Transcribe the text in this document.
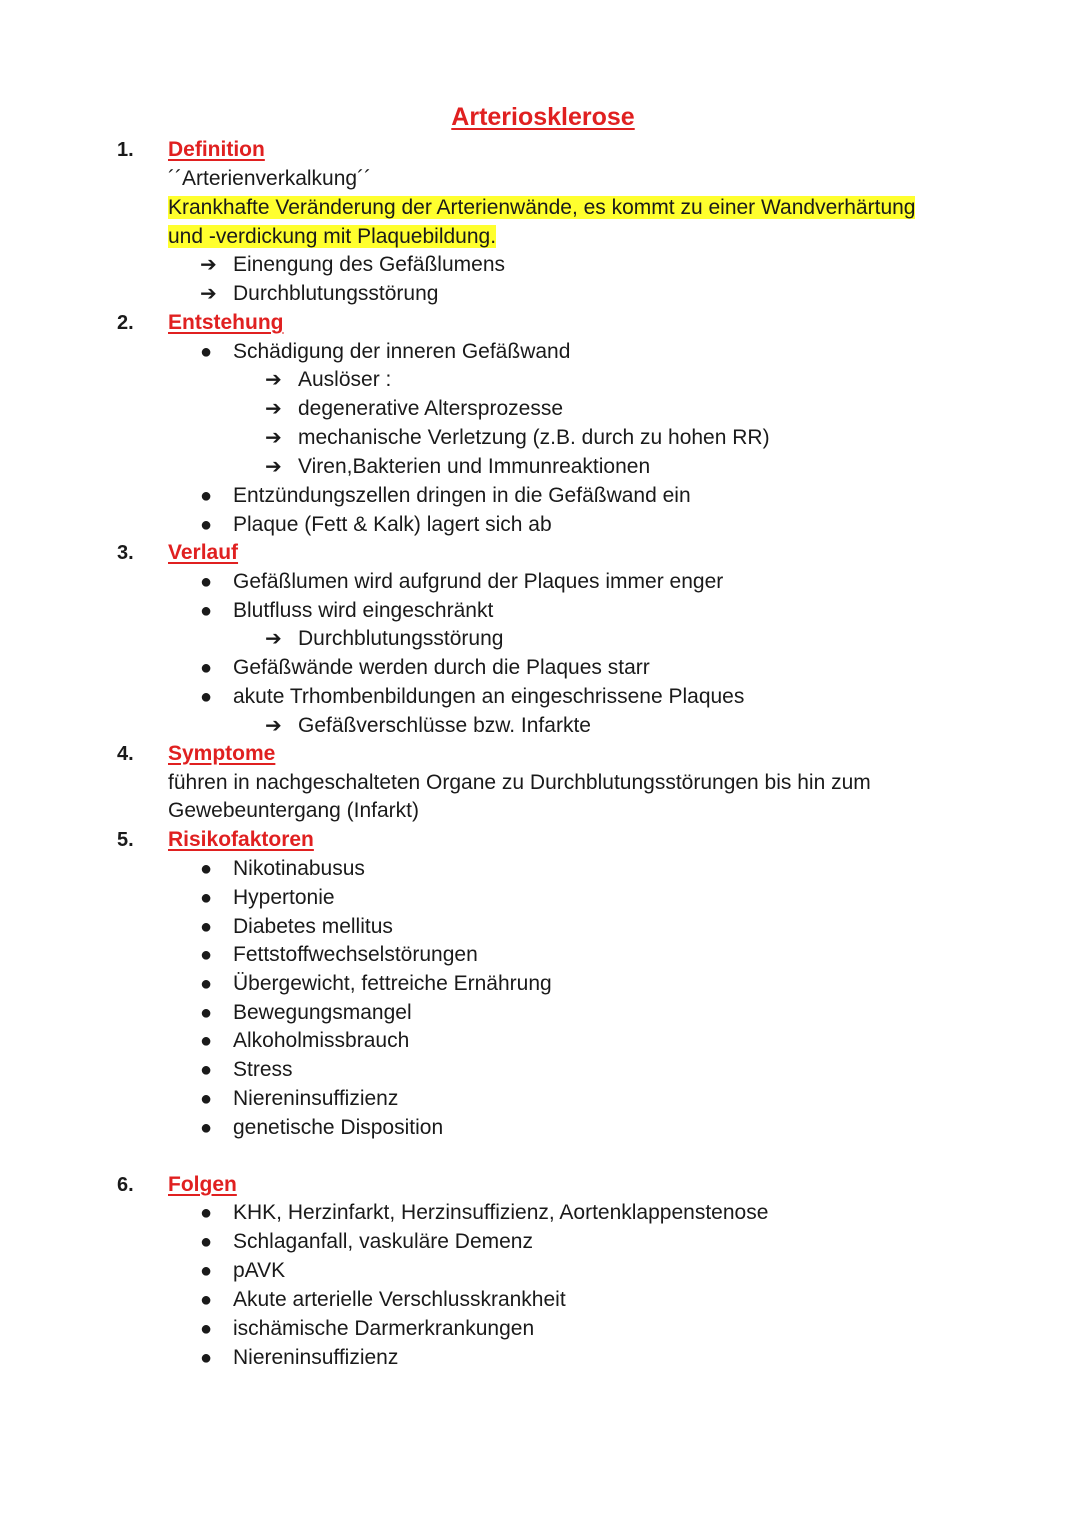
Arteriosklerose
1. Definition
´´Arterienverkalkung´´
Krankhafte Veränderung der Arterienwände, es kommt zu einer Wandverhärtung
und -verdickung mit Plaquebildung.
➔ Einengung des Gefäßlumens
➔ Durchblutungsstörung
2. Entstehung
● Schädigung der inneren Gefäßwand
➔ Auslöser :
➔ degenerative Altersprozesse
➔ mechanische Verletzung (z.B. durch zu hohen RR)
➔ Viren,Bakterien und Immunreaktionen
● Entzündungszellen dringen in die Gefäßwand ein
● Plaque (Fett & Kalk) lagert sich ab
3. Verlauf
● Gefäßlumen wird aufgrund der Plaques immer enger
● Blutfluss wird eingeschränkt
➔ Durchblutungsstörung
● Gefäßwände werden durch die Plaques starr
● akute Trhombenbildungen an eingeschrissene Plaques
➔ Gefäßverschlüsse bzw. Infarkte
4. Symptome
führen in nachgeschalteten Organe zu Durchblutungsstörungen bis hin zum
Gewebeuntergang (Infarkt)
5. Risikofaktoren
● Nikotinabusus
● Hypertonie
● Diabetes mellitus
● Fettstoffwechselstörungen
● Übergewicht, fettreiche Ernährung
● Bewegungsmangel
● Alkoholmissbrauch
● Stress
● Niereninsuffizienz
● genetische Disposition
6. Folgen
● KHK, Herzinfarkt, Herzinsuffizienz, Aortenklappenstenose
● Schlaganfall, vaskuläre Demenz
● pAVK
● Akute arterielle Verschlusskrankheit
● ischämische Darmerkrankungen
● Niereninsuffizienz
